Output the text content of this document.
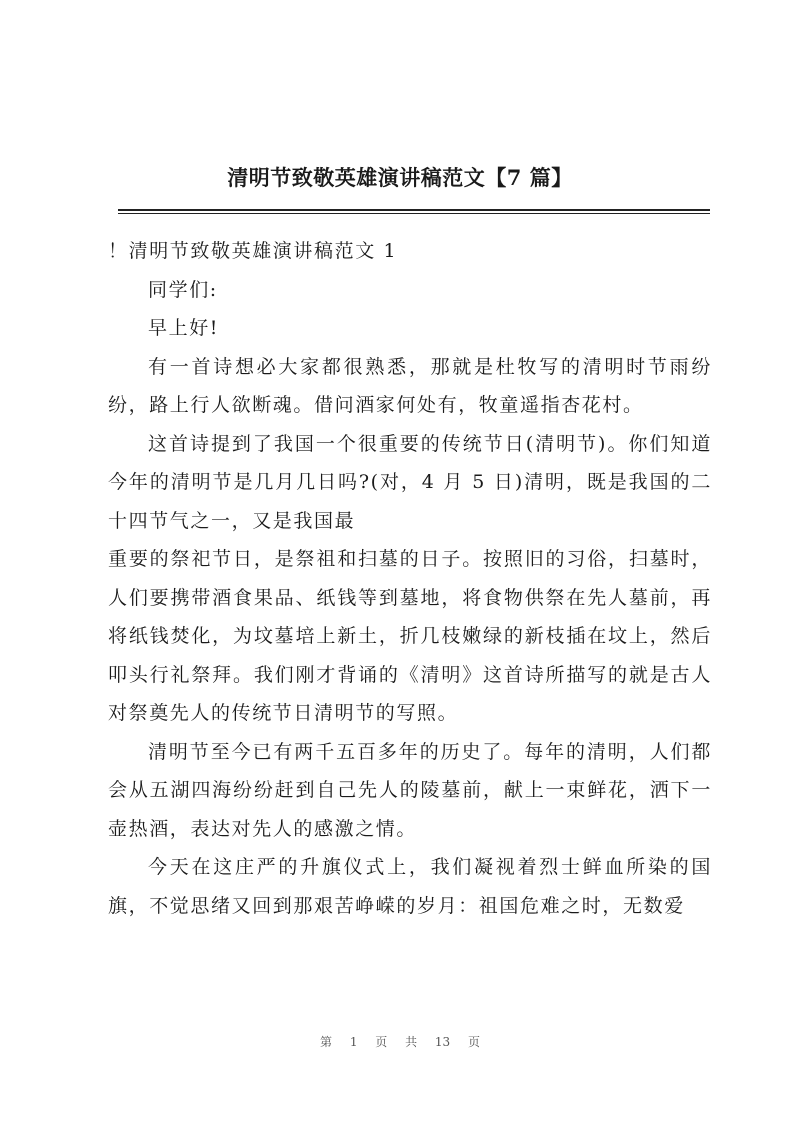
清明节致敬英雄演讲稿范文【7 篇】

！清明节致敬英雄演讲稿范文 1

同学们:

早上好!

有一首诗想必大家都很熟悉，那就是杜牧写的清明时节雨纷纷，路上行人欲断魂。借问酒家何处有，牧童遥指杏花村。

这首诗提到了我国一个很重要的传统节日(清明节)。你们知道今年的清明节是几月几日吗?(对，4 月 5 日)清明，既是我国的二十四节气之一，又是我国最

重要的祭祀节日，是祭祖和扫墓的日子。按照旧的习俗，扫墓时，人们要携带酒食果品、纸钱等到墓地，将食物供祭在先人墓前，再将纸钱焚化，为坟墓培上新土，折几枝嫩绿的新枝插在坟上，然后叩头行礼祭拜。我们刚才背诵的《清明》这首诗所描写的就是古人对祭奠先人的传统节日清明节的写照。

清明节至今已有两千五百多年的历史了。每年的清明，人们都会从五湖四海纷纷赶到自己先人的陵墓前，献上一束鲜花，洒下一壶热酒，表达对先人的感激之情。

今天在这庄严的升旗仪式上，我们凝视着烈士鲜血所染的国旗，不觉思绪又回到那艰苦峥嵘的岁月：祖国危难之时，无数爱

第 1 页 共 13 页
